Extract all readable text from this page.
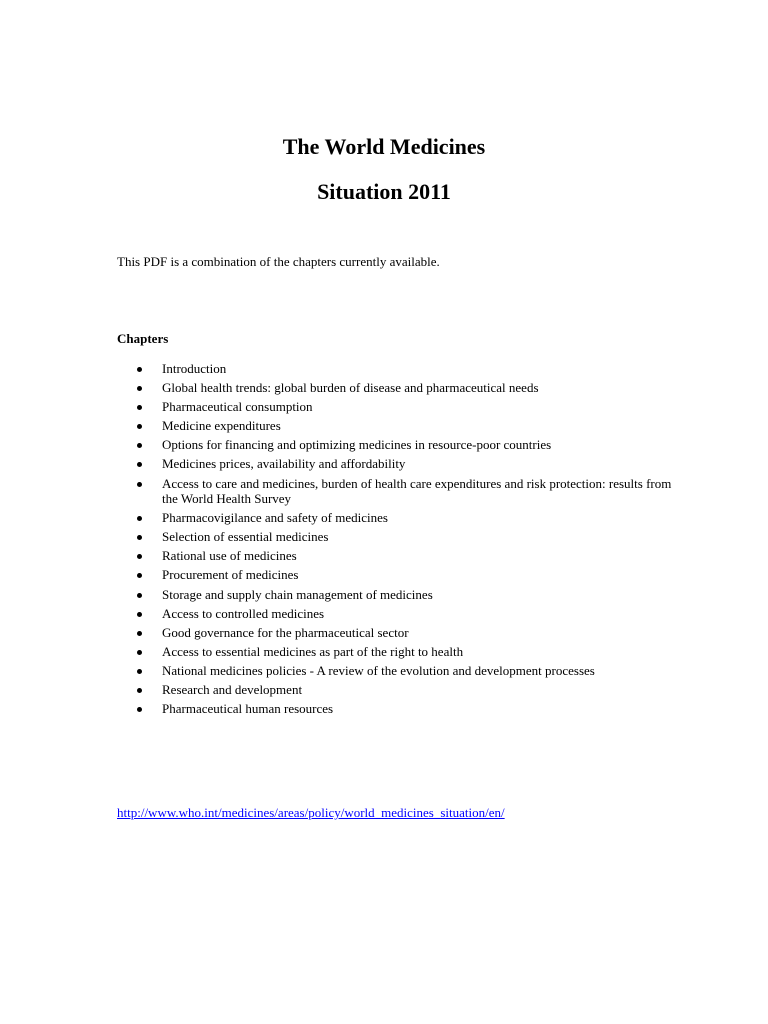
The World Medicines
Situation 2011

This PDF is a combination of the chapters currently available.

Chapters

Introduction
Global health trends: global burden of disease and pharmaceutical needs
Pharmaceutical consumption
Medicine expenditures
Options for financing and optimizing medicines in resource-poor countries
Medicines prices, availability and affordability
Access to care and medicines, burden of health care expenditures and risk protection: results from the World Health Survey
Pharmacovigilance and safety of medicines
Selection of essential medicines
Rational use of medicines
Procurement of medicines
Storage and supply chain management of medicines
Access to controlled medicines
Good governance for the pharmaceutical sector
Access to essential medicines as part of the right to health
National medicines policies - A review of the evolution and development processes
Research and development
Pharmaceutical human resources
http://www.who.int/medicines/areas/policy/world_medicines_situation/en/
